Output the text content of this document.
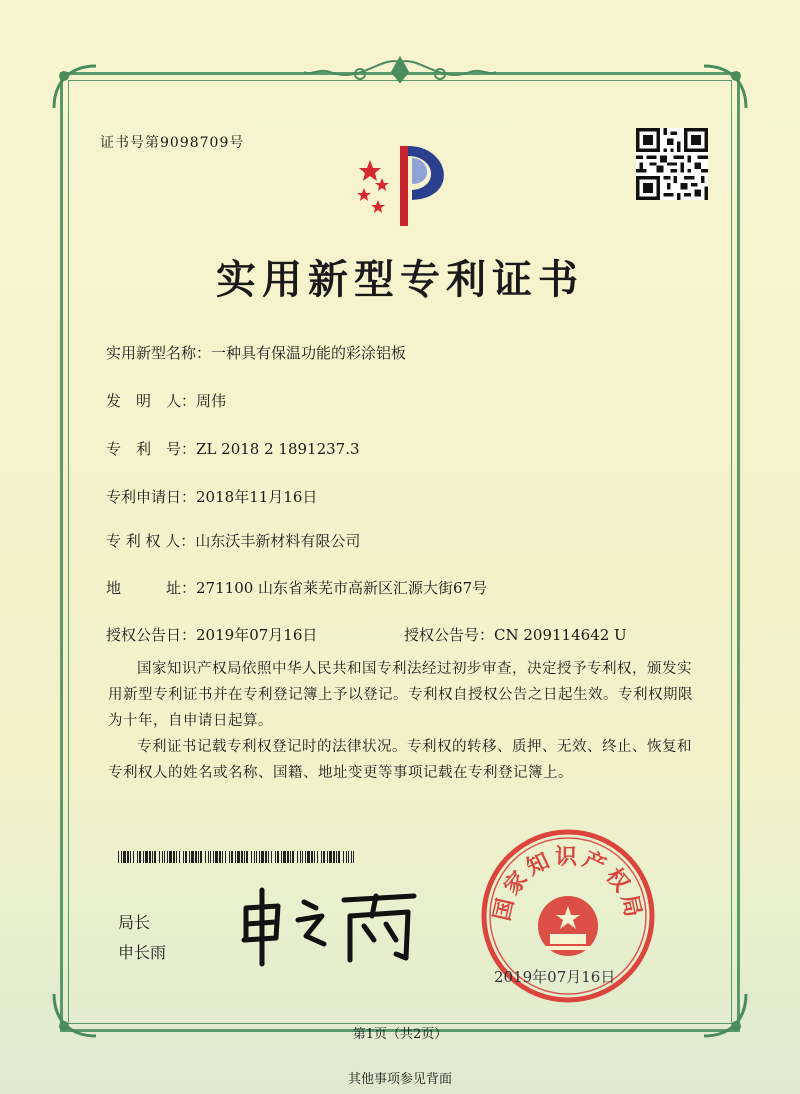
证书号第9098709号
实用新型专利证书
实用新型名称：一种具有保温功能的彩涂铝板
发　明　人：周伟
专　利　号：ZL 2018 2 1891237.3
专利申请日：2018年11月16日
专 利 权 人：山东沃丰新材料有限公司
地　　　址：271100 山东省莱芜市高新区汇源大街67号
授权公告日：2019年07月16日	授权公告号：CN 209114642 U
国家知识产权局依照中华人民共和国专利法经过初步审查，决定授予专利权，颁发实用新型专利证书并在专利登记簿上予以登记。专利权自授权公告之日起生效。专利权期限为十年，自申请日起算。
专利证书记载专利权登记时的法律状况。专利权的转移、质押、无效、终止、恢复和专利权人的姓名或名称、国籍、地址变更等事项记载在专利登记簿上。
局长
申长雨
国家知识产权局
2019年07月16日
第1页（共2页）
其他事项参见背面
